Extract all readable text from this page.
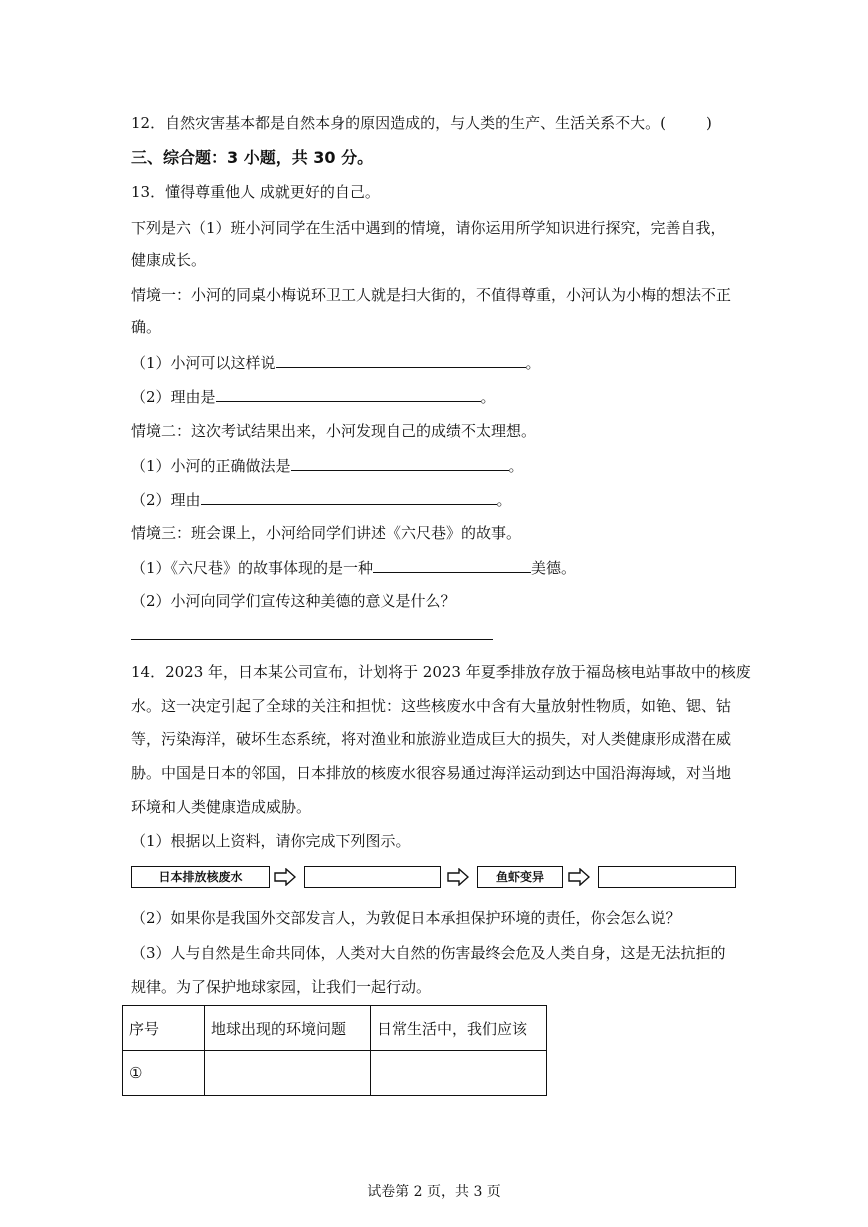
12．自然灾害基本都是自然本身的原因造成的，与人类的生产、生活关系不大。(	)
三、综合题：3 小题，共 30 分。
13．懂得尊重他人 成就更好的自己。
下列是六（1）班小河同学在生活中遇到的情境，请你运用所学知识进行探究，完善自我，
健康成长。
情境一：小河的同桌小梅说环卫工人就是扫大街的，不值得尊重，小河认为小梅的想法不正
确。
（1）小河可以这样说	。
（2）理由是	。
情境二：这次考试结果出来，小河发现自己的成绩不太理想。
（1）小河的正确做法是	。
（2）理由	。
情境三：班会课上，小河给同学们讲述《六尺巷》的故事。
（1）《六尺巷》的故事体现的是一种	美德。
（2）小河向同学们宣传这种美德的意义是什么？
14．2023 年，日本某公司宣布，计划将于 2023 年夏季排放存放于福岛核电站事故中的核废
水。这一决定引起了全球的关注和担忧：这些核废水中含有大量放射性物质，如铯、锶、钴
等，污染海洋，破坏生态系统，将对渔业和旅游业造成巨大的损失，对人类健康形成潜在威
胁。中国是日本的邻国，日本排放的核废水很容易通过海洋运动到达中国沿海海域，对当地
环境和人类健康造成威胁。
（1）根据以上资料，请你完成下列图示。
日本排放核废水	鱼虾变异
（2）如果你是我国外交部发言人，为敦促日本承担保护环境的责任，你会怎么说？
（3）人与自然是生命共同体，人类对大自然的伤害最终会危及人类自身，这是无法抗拒的
规律。为了保护地球家园，让我们一起行动。
序号	地球出现的环境问题	日常生活中，我们应该
①		
试卷第 2 页，共 3 页
